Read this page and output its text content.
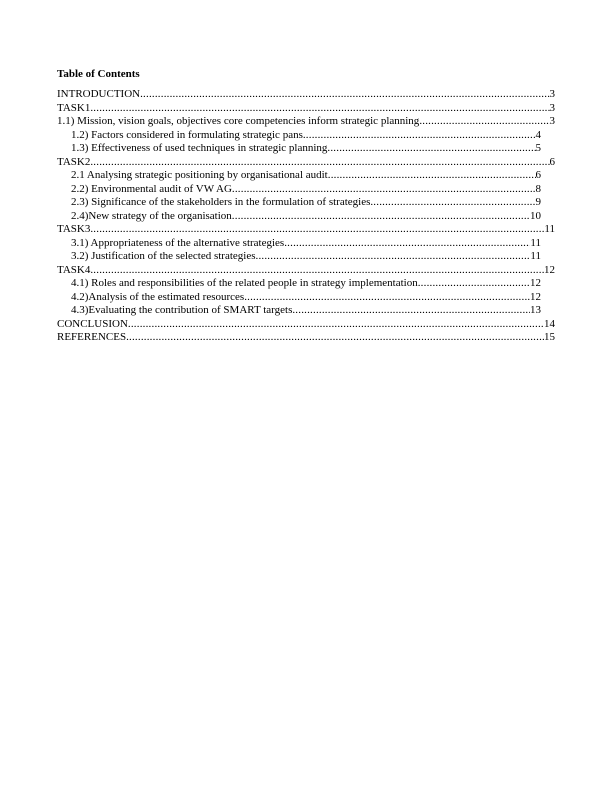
Table of Contents
INTRODUCTION .....	3
TASK1 .....	3
1.1) Mission, vision goals, objectives core competencies inform strategic planning .....	3
1.2) Factors considered in formulating strategic pans .....	4
1.3) Effectiveness of used techniques in strategic planning .....	5
TASK2 .....	6
2.1 Analysing strategic positioning by organisational audit .....	6
2.2) Environmental audit of VW AG .....	8
2.3) Significance of the stakeholders in the formulation of strategies .....	9
2.4)New strategy of the organisation .....	10
TASK3 .....	11
3.1) Appropriateness of the alternative strategies .....	11
3.2) Justification of the selected strategies .....	11
TASK4 .....	12
4.1) Roles and responsibilities of the related people in strategy implementation .....	12
4.2)Analysis of the estimated resources .....	12
4.3)Evaluating the contribution of SMART targets .....	13
CONCLUSION .....	14
REFERENCES .....	15
